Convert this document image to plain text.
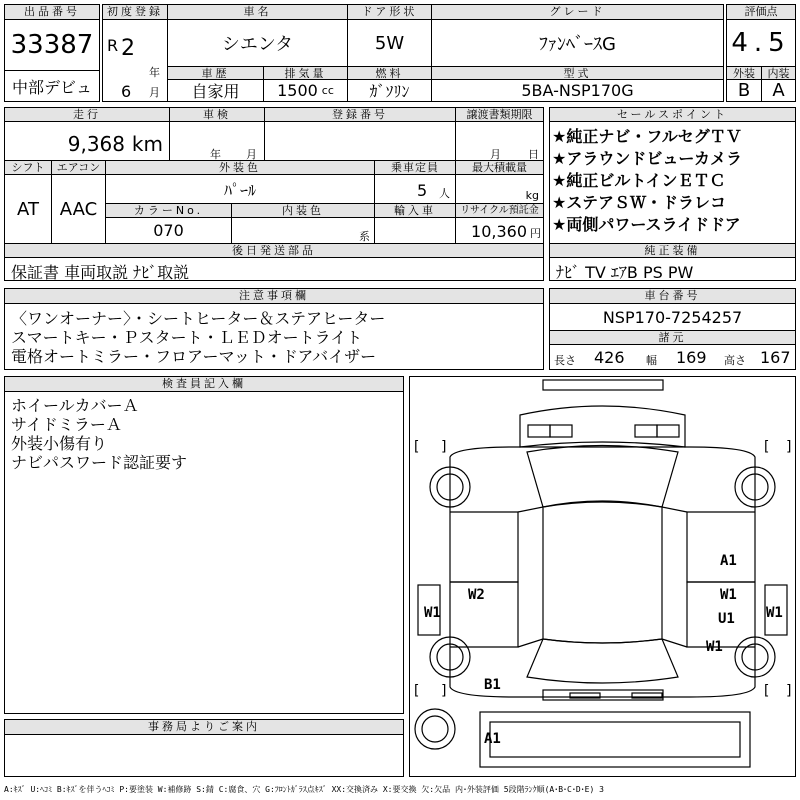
出品番号
33387
中部デビュ
初度登録
R 2
年
6 月
車名
シエンタ
車歴
自家用
排気量
1500 cc
ドア形状
5W
燃料
ｶﾞｿﾘﾝ
グレード
ﾌｧﾝﾍﾞｰｽG
型式
5BA-NSP170G
評価点
4.5
外装
B
内装
A
走行
9,368 km
車検
年 月
登録番号	譲渡書類期限
月 日
シフト
AT
エアコン
AAC
外装色
ﾊﾟｰﾙ
カラーNo.
070
内装色
系
乗車定員
5 人
輸入車
最大積載量
kg
リサイクル預託金
10,360 円
後日発送部品
保証書 車両取説 ﾅﾋﾞ取説
セールスポイント
★純正ナビ・フルセグＴＶ
★アラウンドビューカメラ
★純正ビルトインＥＴＣ
★ステアＳＷ・ドラレコ
★両側パワースライドドア
純正装備
ﾅﾋﾞ TV ｴｱB PS PW
注意事項欄
〈ワンオーナー〉・シートヒーター＆ステアヒーター
スマートキー・Ｐスタート・ＬＥＤオートライト
電格オートミラー・フロアーマット・ドアバイザー
車台番号
NSP170-7254257
諸元
長さ 426 幅 169 高さ 167
検査員記入欄
ホイールカバーＡ
サイドミラーＡ
外装小傷有り
ナビパスワード認証要す
事務局よりご案内
[ ]	[ ]
[ ]	[ ]
A1
W2	W1
W1	U1 W1
W1
B1
A1
A:ｷｽﾞ U:ﾍｺﾐ B:ｷｽﾞを伴うﾍｺﾐ P:要塗装 W:補修跡 S:錆 C:腐食、穴 G:ﾌﾛﾝﾄｶﾞﾗｽ点ｷｽﾞ XX:交換済み X:要交換 欠:欠品 内･外装評価 5段階ﾗﾝｸ順(A･B･C･D･E) 3
